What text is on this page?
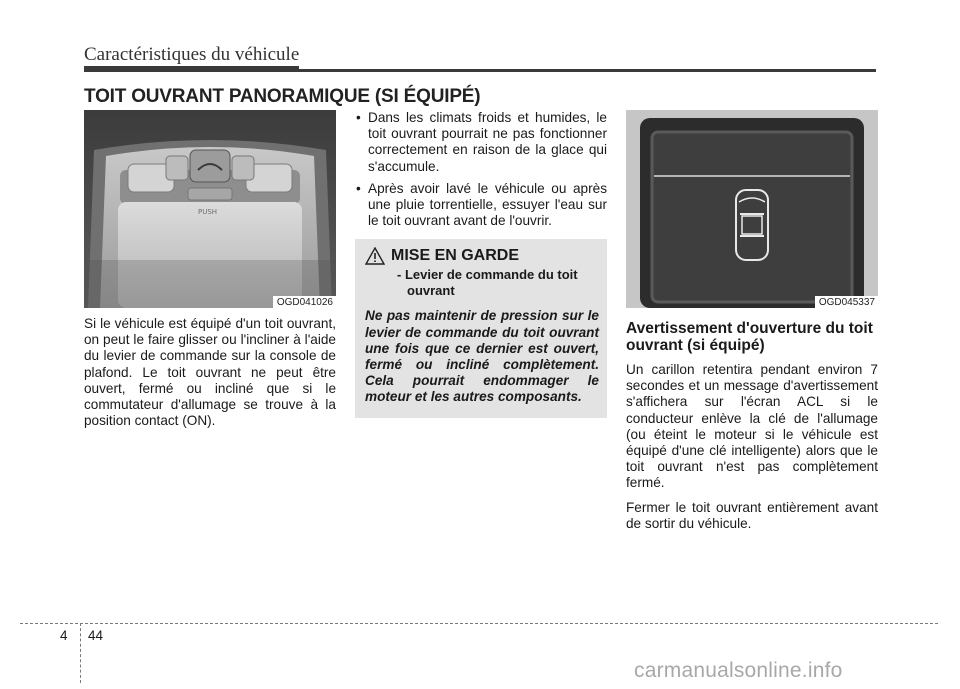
Caractéristiques du véhicule
TOIT OUVRANT PANORAMIQUE (SI ÉQUIPÉ)
PUSH
OGD041026

Si le véhicule est équipé d'un toit ouvrant, on peut le faire glisser ou l'incliner à l'aide du levier de commande sur la console de plafond. Le toit ouvrant ne peut être ouvert, fermé ou incliné que si le commutateur d'allumage se trouve à la position contact (ON).

• Dans les climats froids et humides, le toit ouvrant pourrait ne pas fonctionner correctement en raison de la glace qui s'accumule.
• Après avoir lavé le véhicule ou après une pluie torrentielle, essuyer l'eau sur le toit ouvrant avant de l'ouvrir.
MISE EN GARDE
- Levier de commande du toit ouvrant
Ne pas maintenir de pression sur le levier de commande du toit ouvrant une fois que ce dernier est ouvert, fermé ou incliné complètement. Cela pourrait endommager le moteur et les autres composants.
OGD045337
Avertissement d'ouverture du toit ouvrant (si équipé)

Un carillon retentira pendant environ 7 secondes et un message d'avertissement s'affichera sur l'écran ACL si le conducteur enlève la clé de l'allumage (ou éteint le moteur si le véhicule est équipé d'une clé intelligente) alors que le toit ouvrant n'est pas complètement fermé.

Fermer le toit ouvrant entièrement avant de sortir du véhicule.

4 44
carmanualsonline.info
